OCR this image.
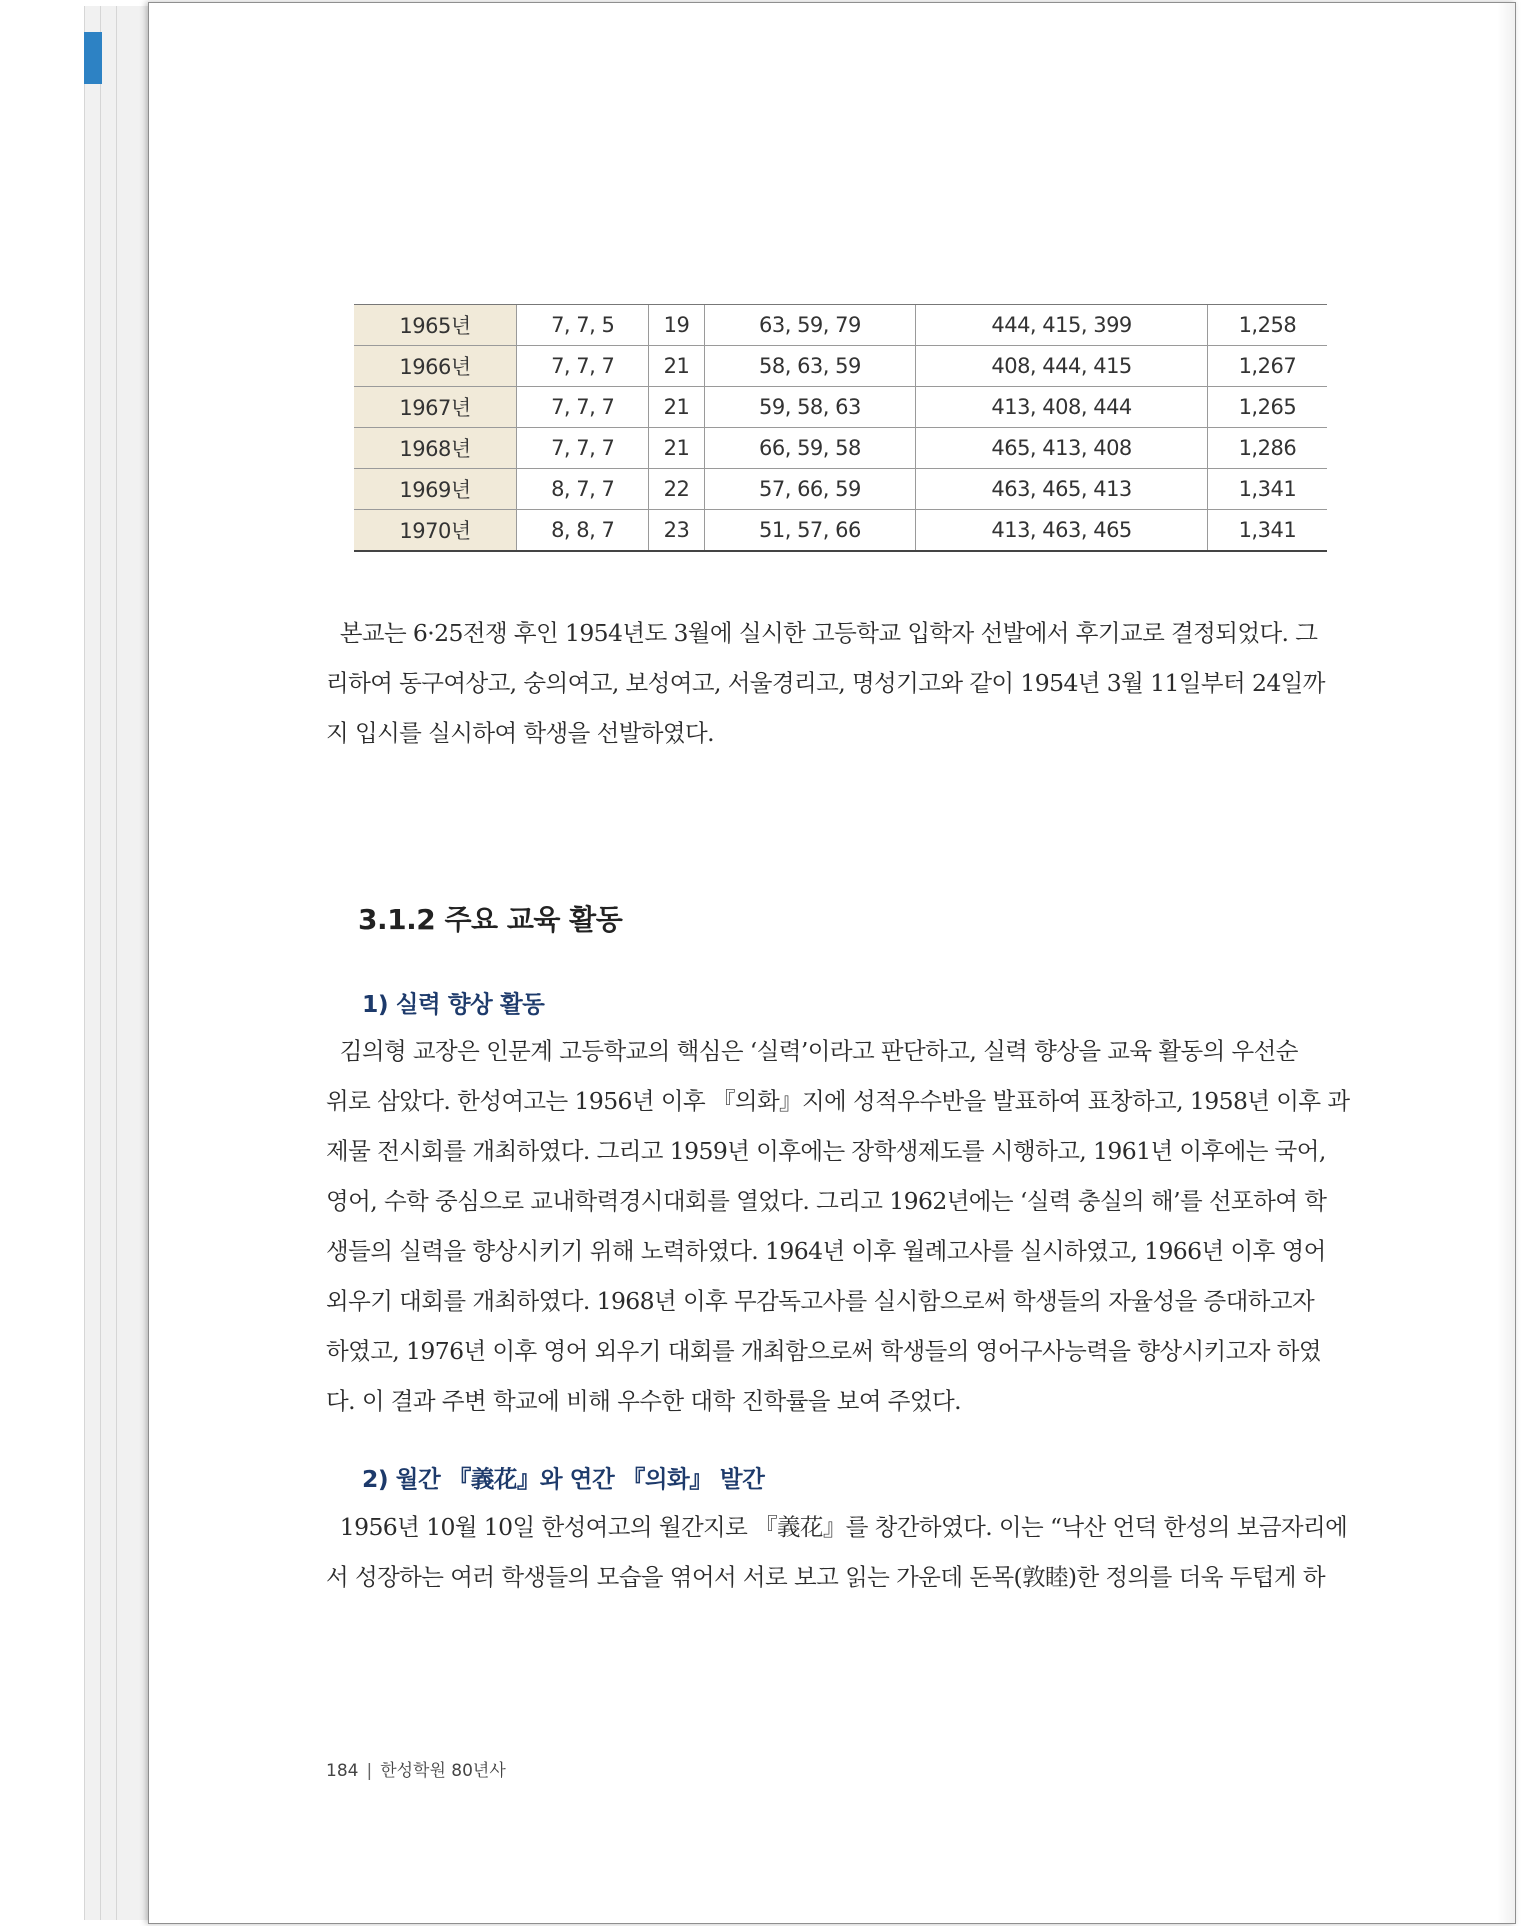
1965년	7, 7, 5	19	63, 59, 79	444, 415, 399	1,258
1966년	7, 7, 7	21	58, 63, 59	408, 444, 415	1,267
1967년	7, 7, 7	21	59, 58, 63	413, 408, 444	1,265
1968년	7, 7, 7	21	66, 59, 58	465, 413, 408	1,286
1969년	8, 7, 7	22	57, 66, 59	463, 465, 413	1,341
1970년	8, 8, 7	23	51, 57, 66	413, 463, 465	1,341
본교는 6·25전쟁 후인 1954년도 3월에 실시한 고등학교 입학자 선발에서 후기교로 결정되었다. 그
리하여 동구여상고, 숭의여고, 보성여고, 서울경리고, 명성기고와 같이 1954년 3월 11일부터 24일까
지 입시를 실시하여 학생을 선발하였다.
3.1.2 주요 교육 활동
1) 실력 향상 활동
김의형 교장은 인문계 고등학교의 핵심은 ‘실력’이라고 판단하고, 실력 향상을 교육 활동의 우선순
위로 삼았다. 한성여고는 1956년 이후 『의화』지에 성적우수반을 발표하여 표창하고, 1958년 이후 과
제물 전시회를 개최하였다. 그리고 1959년 이후에는 장학생제도를 시행하고, 1961년 이후에는 국어,
영어, 수학 중심으로 교내학력경시대회를 열었다. 그리고 1962년에는 ‘실력 충실의 해’를 선포하여 학
생들의 실력을 향상시키기 위해 노력하였다. 1964년 이후 월례고사를 실시하였고, 1966년 이후 영어
외우기 대회를 개최하였다. 1968년 이후 무감독고사를 실시함으로써 학생들의 자율성을 증대하고자
하였고, 1976년 이후 영어 외우기 대회를 개최함으로써 학생들의 영어구사능력을 향상시키고자 하였
다. 이 결과 주변 학교에 비해 우수한 대학 진학률을 보여 주었다.
2) 월간 『義花』와 연간 『의화』 발간
1956년 10월 10일 한성여고의 월간지로 『義花』를 창간하였다. 이는 “낙산 언덕 한성의 보금자리에
서 성장하는 여러 학생들의 모습을 엮어서 서로 보고 읽는 가운데 돈목(敦睦)한 정의를 더욱 두텁게 하
184 | 한성학원 80년사
